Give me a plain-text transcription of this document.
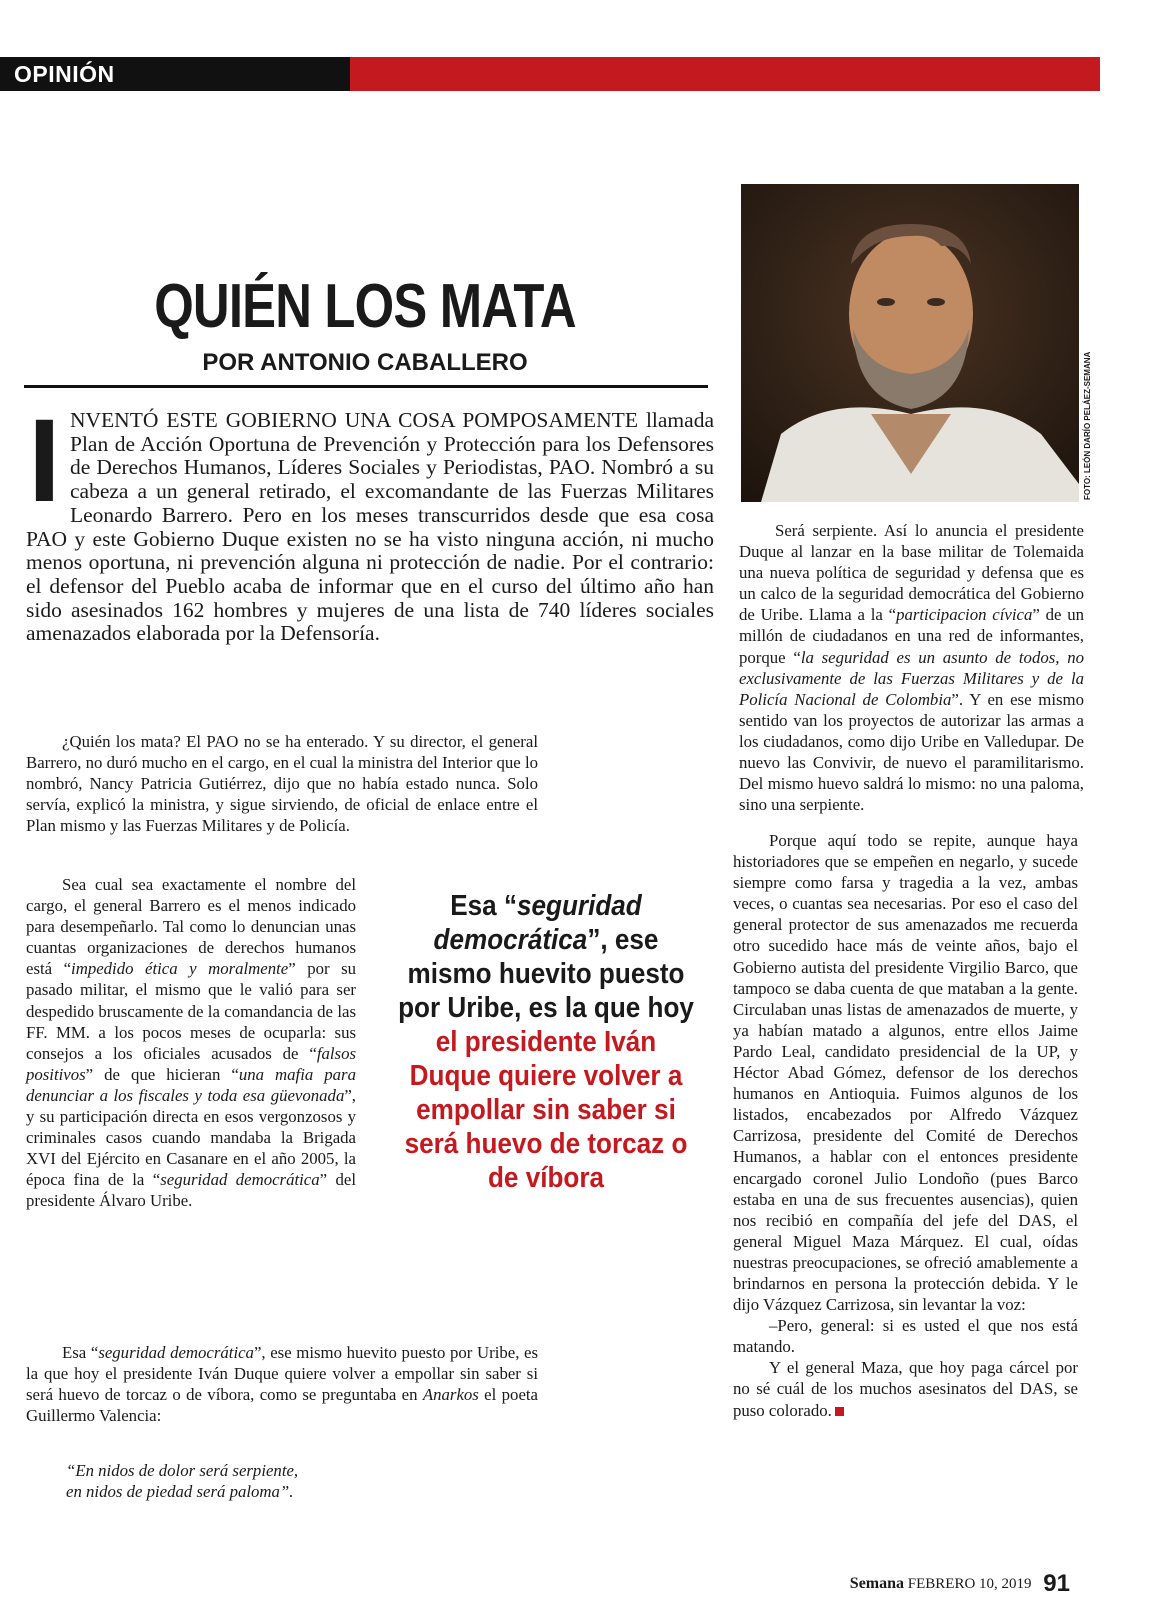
OPINIÓN
QUIÉN LOS MATA
POR ANTONIO CABALLERO	FOTO: LEÓN DARÍO PELÁEZ-SEMANA

NVENTÓ ESTE GOBIERNO UNA COSA POMPOSAMENTE llamada Plan de Acción Oportuna de Prevención y Protección para los Defensores de Derechos Humanos, Líderes Sociales y Periodistas, PAO. Nombró a su cabeza a un general retirado, el excomandante de las Fuerzas Militares Leonardo Barrero. Pero en los meses transcurridos desde que esa cosa PAO y este Gobierno Duque existen no se ha visto ninguna acción, ni mucho menos oportuna, ni prevención alguna ni protección de nadie. Por el contrario: el defensor del Pueblo acaba de informar que en el curso del último año han sido asesinados 162 hombres y mujeres de una lista de 740 líderes sociales amenazados elaborada por la Defensoría.

I

¿Quién los mata? El PAO no se ha enterado. Y su director, el general Barrero, no duró mucho en el cargo, en el cual la ministra del Interior que lo nombró, Nancy Patricia Gutiérrez, dijo que no había estado nunca. Solo servía, explicó la ministra, y sigue sirviendo, de oficial de enlace entre el Plan mismo y las Fuerzas Militares y de Policía.

Sea cual sea exactamente el nombre del cargo, el general Barrero es el menos indicado para desempeñarlo. Tal como lo denuncian unas cuantas organizaciones de derechos humanos está “impedido ética y moralmente” por su pasado militar, el mismo que le valió para ser despedido bruscamente de la comandancia de las FF. MM. a los pocos meses de ocuparla: sus consejos a los oficiales acusados de “falsos positivos” de que hicieran “una mafia para denunciar a los fiscales y toda esa güevonada”, y su participación directa en esos vergonzosos y criminales casos cuando mandaba la Brigada XVI del Ejército en Casanare en el año 2005, la época fina de la “seguridad democrática” del presidente Álvaro Uribe.

Esa “seguridad democrática”, ese mismo huevito puesto por Uribe, es la que hoy el presidente Iván Duque quiere volver a empollar sin saber si será huevo de torcaz o de víbora, como se preguntaba en Anarkos el poeta Guillermo Valencia:

“En nidos de dolor será serpiente,

en nidos de piedad será paloma”.

Esa “seguridad democrática”, ese mismo huevito puesto por Uribe, es la que hoy el presidente Iván Duque quiere volver a empollar sin saber si será huevo de torcaz o de víbora

Será serpiente. Así lo anuncia el presidente Duque al lanzar en la base militar de Tolemaida una nueva política de seguridad y defensa que es un calco de la seguridad democrática del Gobierno de Uribe. Llama a la “participacion cívica” de un millón de ciudadanos en una red de informantes, porque “la seguridad es un asunto de todos, no exclusivamente de las Fuerzas Militares y de la Policía Nacional de Colombia”. Y en ese mismo sentido van los proyectos de autorizar las armas a los ciudadanos, como dijo Uribe en Valledupar. De nuevo las Convivir, de nuevo el paramilitarismo. Del mismo huevo saldrá lo mismo: no una paloma, sino una serpiente.

Porque aquí todo se repite, aunque haya historiadores que se empeñen en negarlo, y sucede siempre como farsa y tragedia a la vez, ambas veces, o cuantas sea necesarias. Por eso el caso del general protector de sus amenazados me recuerda otro sucedido hace más de veinte años, bajo el Gobierno autista del presidente Virgilio Barco, que tampoco se daba cuenta de que mataban a la gente. Circulaban unas listas de amenazados de muerte, y ya habían matado a algunos, entre ellos Jaime Pardo Leal, candidato presidencial de la UP, y Héctor Abad Gómez, defensor de los derechos humanos en Antioquia. Fuimos algunos de los listados, encabezados por Alfredo Vázquez Carrizosa, presidente del Comité de Derechos Humanos, a hablar con el entonces presidente encargado coronel Julio Londoño (pues Barco estaba en una de sus frecuentes ausencias), quien nos recibió en compañía del jefe del DAS, el general Miguel Maza Márquez. El cual, oídas nuestras preocupaciones, se ofreció amablemente a brindarnos en persona la protección debida. Y le dijo Vázquez Carrizosa, sin levantar la voz:

–Pero, general: si es usted el que nos está matando.

Y el general Maza, que hoy paga cárcel por no sé cuál de los muchos asesinatos del DAS, se puso colorado.

Semana FEBRERO 10, 2019 91
